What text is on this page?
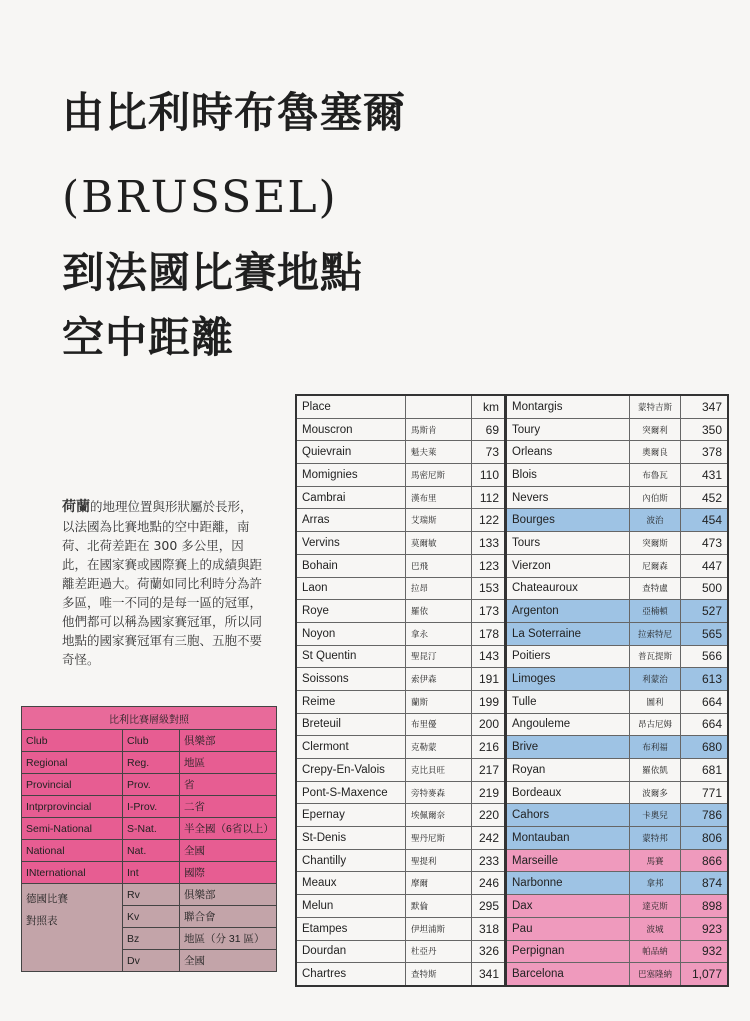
由比利時布魯塞爾
(BRUSSEL)
到法國比賽地點
空中距離

荷蘭的地理位置與形狀屬於長形，以法國為比賽地點的空中距離，南荷、北荷差距在 300 多公里，因此，在國家賽或國際賽上的成績與距離差距過大。荷蘭如同比利時分為許多區，唯一不同的是每一區的冠軍，他們都可以稱為國家賽冠軍，所以同地點的國家賽冠軍有三胞、五胞不要奇怪。

比利比賽層級對照		
Club	Club	俱樂部
Regional	Reg.	地區
Provincial	Prov.	省
Intprprovincial	I-Prov.	二省
Semi-National	S-Nat.	半全國（6省以上）
National	Nat.	全國
INternational	Int	國際

德國比賽
對照表	Rv	俱樂部
	Kv	聯合會
	Bz	地區（分 31 區）
	Dv	全國
Place		km	Montargis	蒙特吉斯	347
Mouscron	馬斯肯	69	Toury	突爾利	350
Quievrain	魁夫萊	73	Orleans	奧爾良	378
Momignies	馬密尼斯	110	Blois	布魯瓦	431
Cambrai	漢布里	112	Nevers	內伯斯	452
Arras	艾瑞斯	122	Bourges	波治	454
Vervins	莫爾敏	133	Tours	突爾斯	473
Bohain	巴飛	123	Vierzon	尼爾森	447
Laon	拉昂	153	Chateauroux	查特盧	500
Roye	羅依	173	Argenton	亞楠頓	527
Noyon	拿永	178	La Soterraine	拉索特尼	565
St Quentin	聖昆汀	143	Poitiers	普瓦提斯	566
Soissons	索伊森	191	Limoges	利蒙治	613
Reime	蘭斯	199	Tulle	圖利	664
Breteuil	布里優	200	Angouleme	昂古尼姆	664
Clermont	克勒蒙	216	Brive	布利福	680
Crepy-En-Valois	克比貝旺	217	Royan	羅依凱	681
Pont-S-Maxence	旁特麥森	219	Bordeaux	波爾多	771
Epernay	埃佩爾奈	220	Cahors	卡奧兒	786
St-Denis	聖丹尼斯	242	Montauban	蒙特邦	806
Chantilly	聖提利	233	Marseille	馬賽	866
Meaux	摩爾	246	Narbonne	拿邦	874
Melun	默倫	295	Dax	達克斯	898
Etampes	伊坦浦斯	318	Pau	波城	923
Dourdan	杜亞丹	326	Perpignan	帕品納	932
Chartres	查特斯	341	Barcelona	巴塞隆納	1,077
